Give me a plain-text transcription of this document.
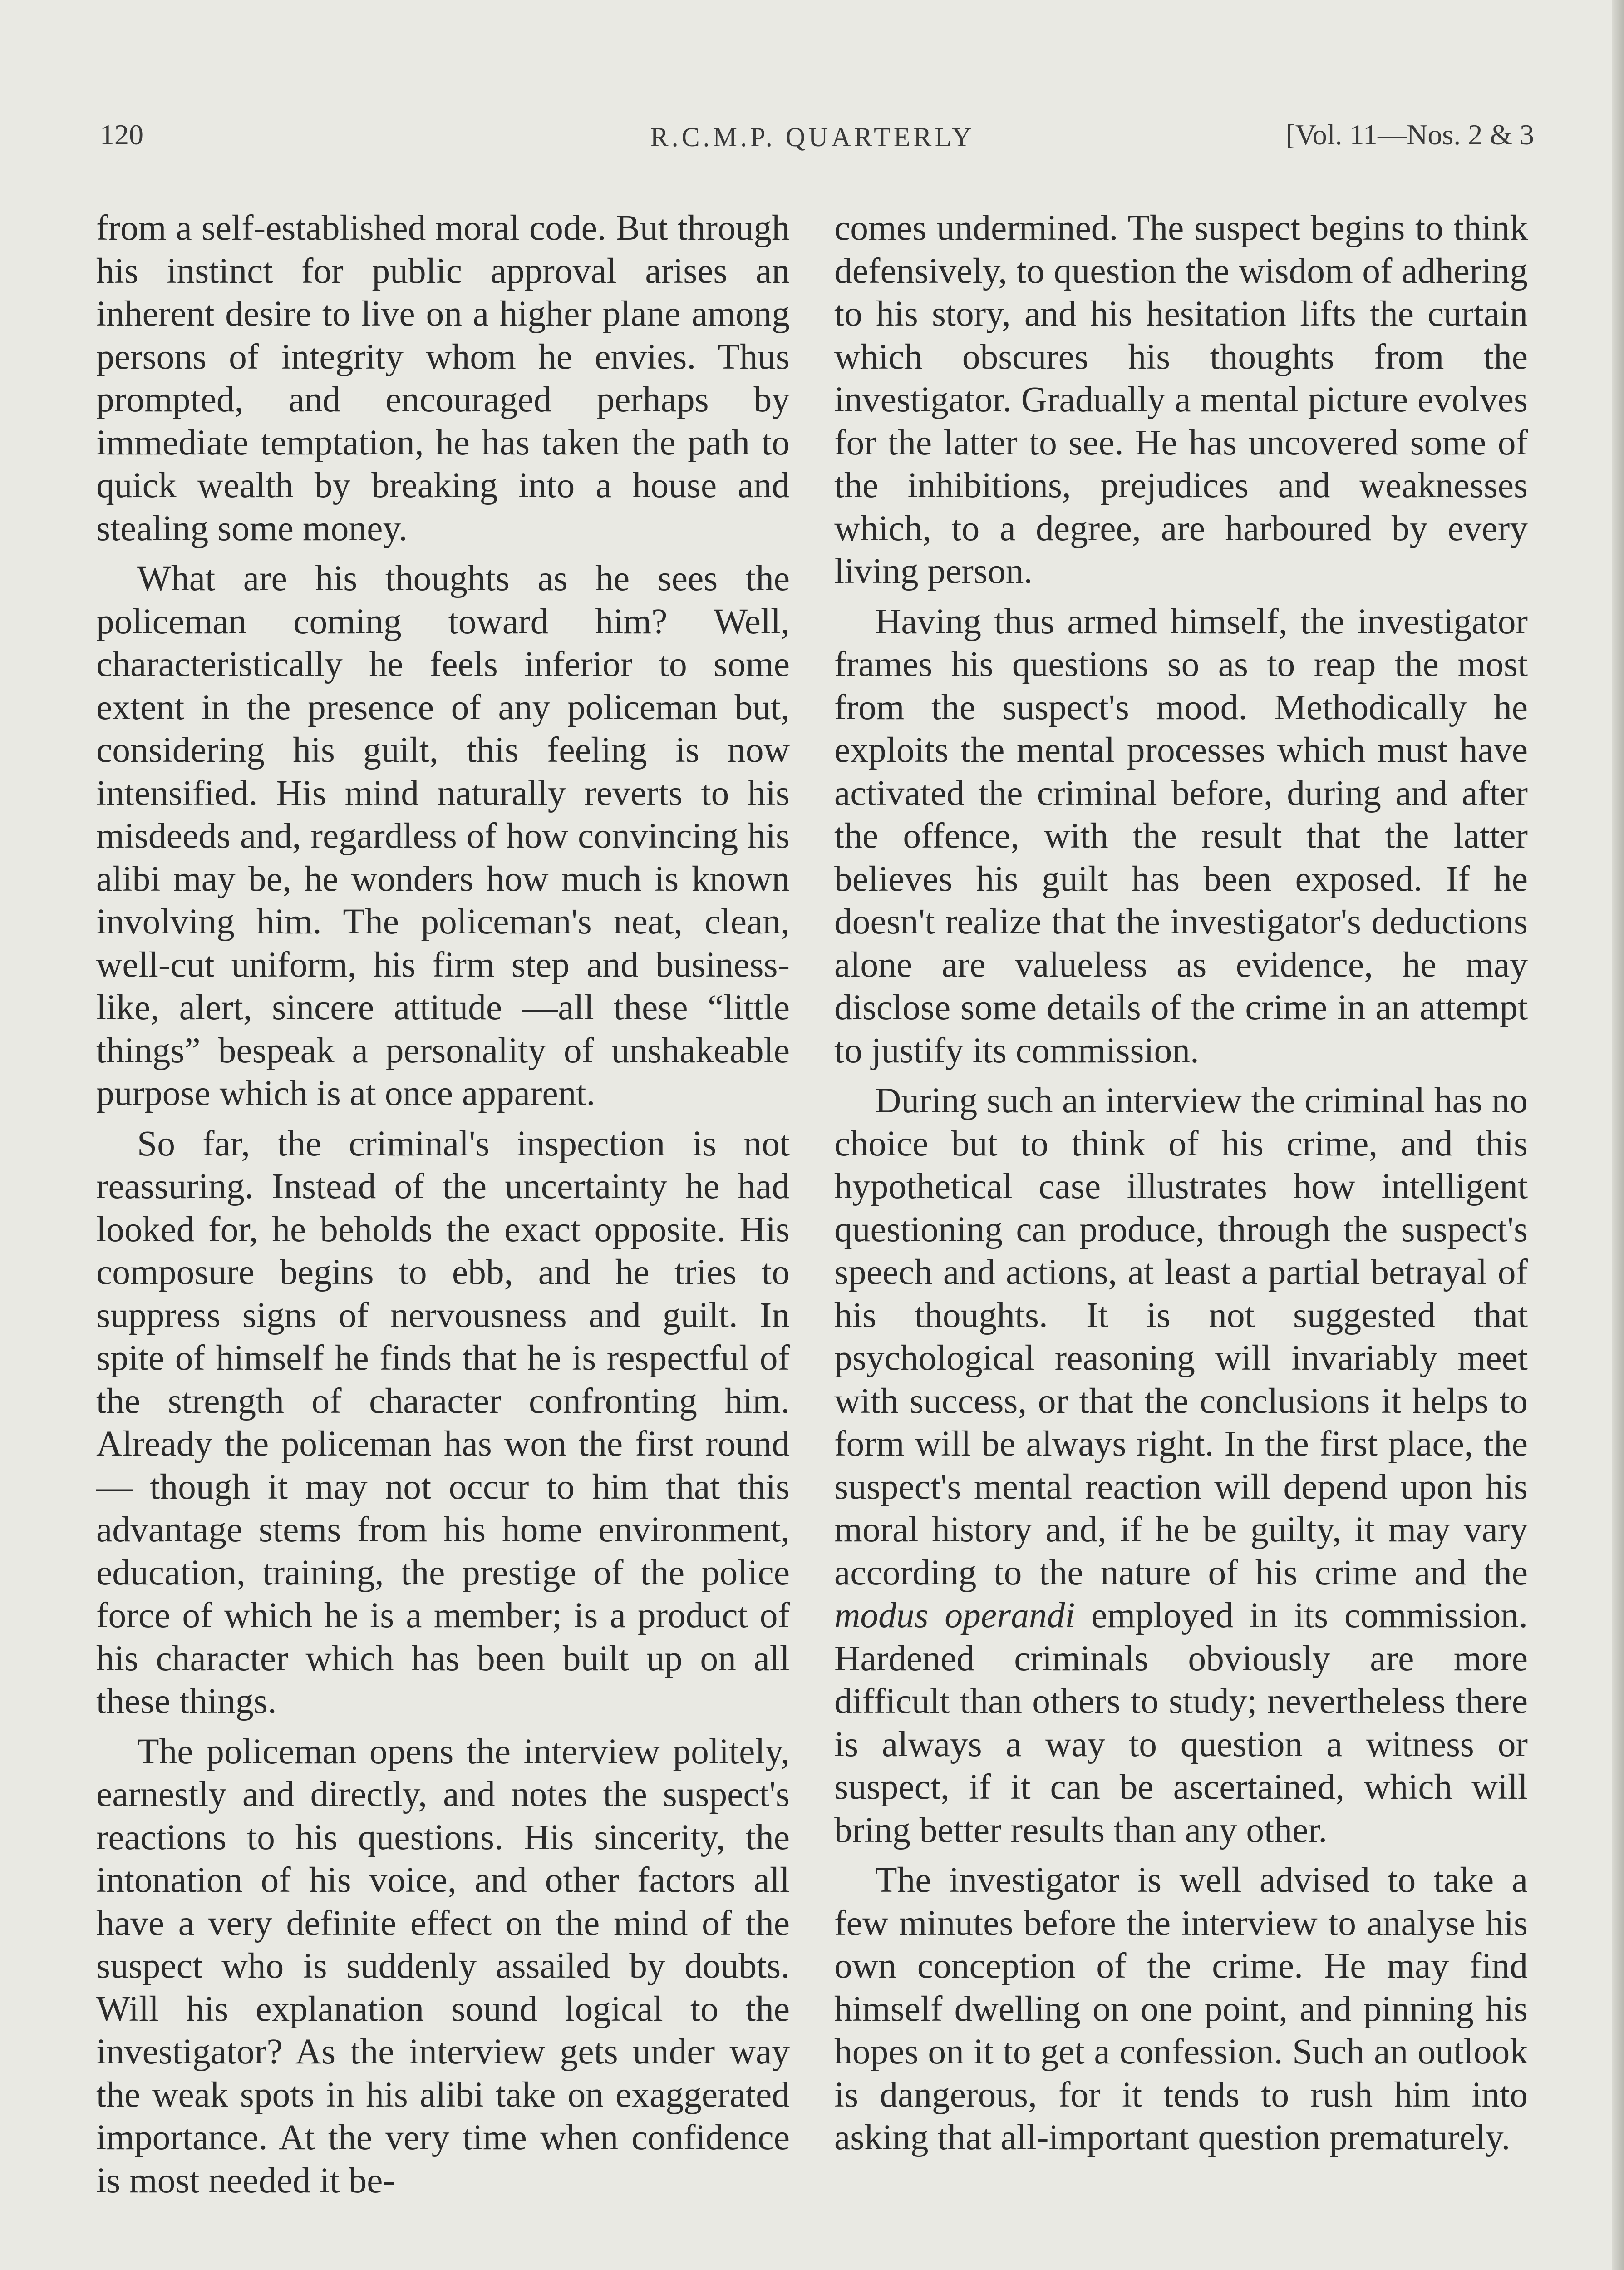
120	R.C.M.P. QUARTERLY	[Vol. 11—Nos. 2 & 3

from a self-established moral code. But through his instinct for public approval arises an inherent desire to live on a higher plane among persons of integrity whom he envies. Thus prompted, and encouraged perhaps by immediate temptation, he has taken the path to quick wealth by breaking into a house and stealing some money.

What are his thoughts as he sees the policeman coming toward him? Well, characteristically he feels inferior to some extent in the presence of any policeman but, considering his guilt, this feeling is now intensified. His mind naturally reverts to his misdeeds and, regardless of how convincing his alibi may be, he wonders how much is known involving him. The policeman's neat, clean, well-cut uniform, his firm step and business-like, alert, sincere attitude —all these “little things” bespeak a personality of unshakeable purpose which is at once apparent.

So far, the criminal's inspection is not reassuring. Instead of the uncertainty he had looked for, he beholds the exact opposite. His composure begins to ebb, and he tries to suppress signs of nervousness and guilt. In spite of himself he finds that he is respectful of the strength of character confronting him. Already the policeman has won the first round— though it may not occur to him that this advantage stems from his home environment, education, training, the prestige of the police force of which he is a member; is a product of his character which has been built up on all these things.

The policeman opens the interview politely, earnestly and directly, and notes the suspect's reactions to his questions. His sincerity, the intonation of his voice, and other factors all have a very definite effect on the mind of the suspect who is suddenly assailed by doubts. Will his explanation sound logical to the investigator? As the interview gets under way the weak spots in his alibi take on exaggerated importance. At the very time when confidence is most needed it be-

comes undermined. The suspect begins to think defensively, to question the wisdom of adhering to his story, and his hesitation lifts the curtain which obscures his thoughts from the investigator. Gradually a mental picture evolves for the latter to see. He has uncovered some of the inhibitions, prejudices and weaknesses which, to a degree, are harboured by every living person.

Having thus armed himself, the investigator frames his questions so as to reap the most from the suspect's mood. Methodically he exploits the mental processes which must have activated the criminal before, during and after the offence, with the result that the latter believes his guilt has been exposed. If he doesn't realize that the investigator's deductions alone are valueless as evidence, he may disclose some details of the crime in an attempt to justify its commission.

During such an interview the criminal has no choice but to think of his crime, and this hypothetical case illustrates how intelligent questioning can produce, through the suspect's speech and actions, at least a partial betrayal of his thoughts. It is not suggested that psychological reasoning will invariably meet with success, or that the conclusions it helps to form will be always right. In the first place, the suspect's mental reaction will depend upon his moral history and, if he be guilty, it may vary according to the nature of his crime and the modus operandi employed in its commission. Hardened criminals obviously are more difficult than others to study; nevertheless there is always a way to question a witness or suspect, if it can be ascertained, which will bring better results than any other.

The investigator is well advised to take a few minutes before the interview to analyse his own conception of the crime. He may find himself dwelling on one point, and pinning his hopes on it to get a confession. Such an outlook is dangerous, for it tends to rush him into asking that all-important question prematurely.
